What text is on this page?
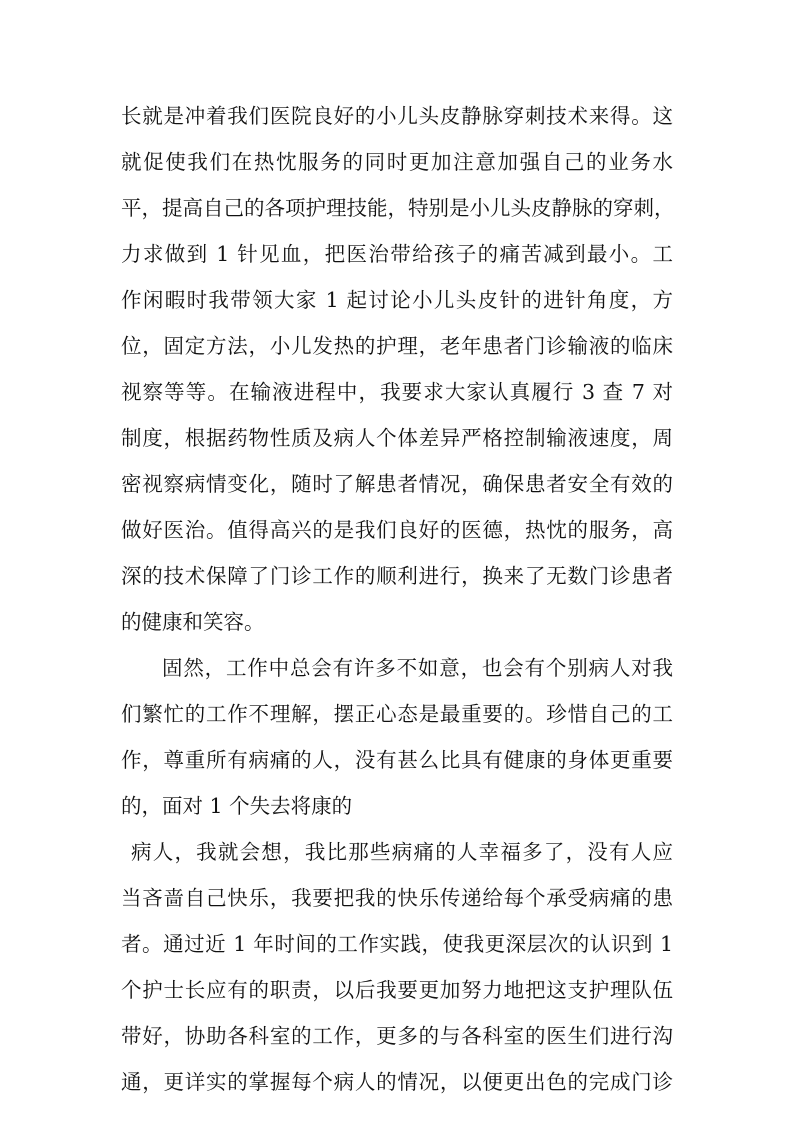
长就是冲着我们医院良好的小儿头皮静脉穿刺技术来得。这
就促使我们在热忱服务的同时更加注意加强自己的业务水
平，提高自己的各项护理技能，特别是小儿头皮静脉的穿刺，
力求做到 1 针见血，把医治带给孩子的痛苦减到最小。工
作闲暇时我带领大家 1 起讨论小儿头皮针的进针角度，方
位，固定方法，小儿发热的护理，老年患者门诊输液的临床
视察等等。在输液进程中，我要求大家认真履行 3 查 7 对
制度，根据药物性质及病人个体差异严格控制输液速度，周
密视察病情变化，随时了解患者情况，确保患者安全有效的
做好医治。值得高兴的是我们良好的医德，热忱的服务，高
深的技术保障了门诊工作的顺利进行，换来了无数门诊患者
的健康和笑容。
固然，工作中总会有许多不如意，也会有个别病人对我
们繁忙的工作不理解，摆正心态是最重要的。珍惜自己的工
作，尊重所有病痛的人，没有甚么比具有健康的身体更重要
的，面对 1 个失去将康的
病人，我就会想，我比那些病痛的人幸福多了，没有人应
当吝啬自己快乐，我要把我的快乐传递给每个承受病痛的患
者。通过近 1 年时间的工作实践，使我更深层次的认识到 1
个护士长应有的职责，以后我要更加努力地把这支护理队伍
带好，协助各科室的工作，更多的与各科室的医生们进行沟
通，更详实的掌握每个病人的情况，以便更出色的完成门诊
